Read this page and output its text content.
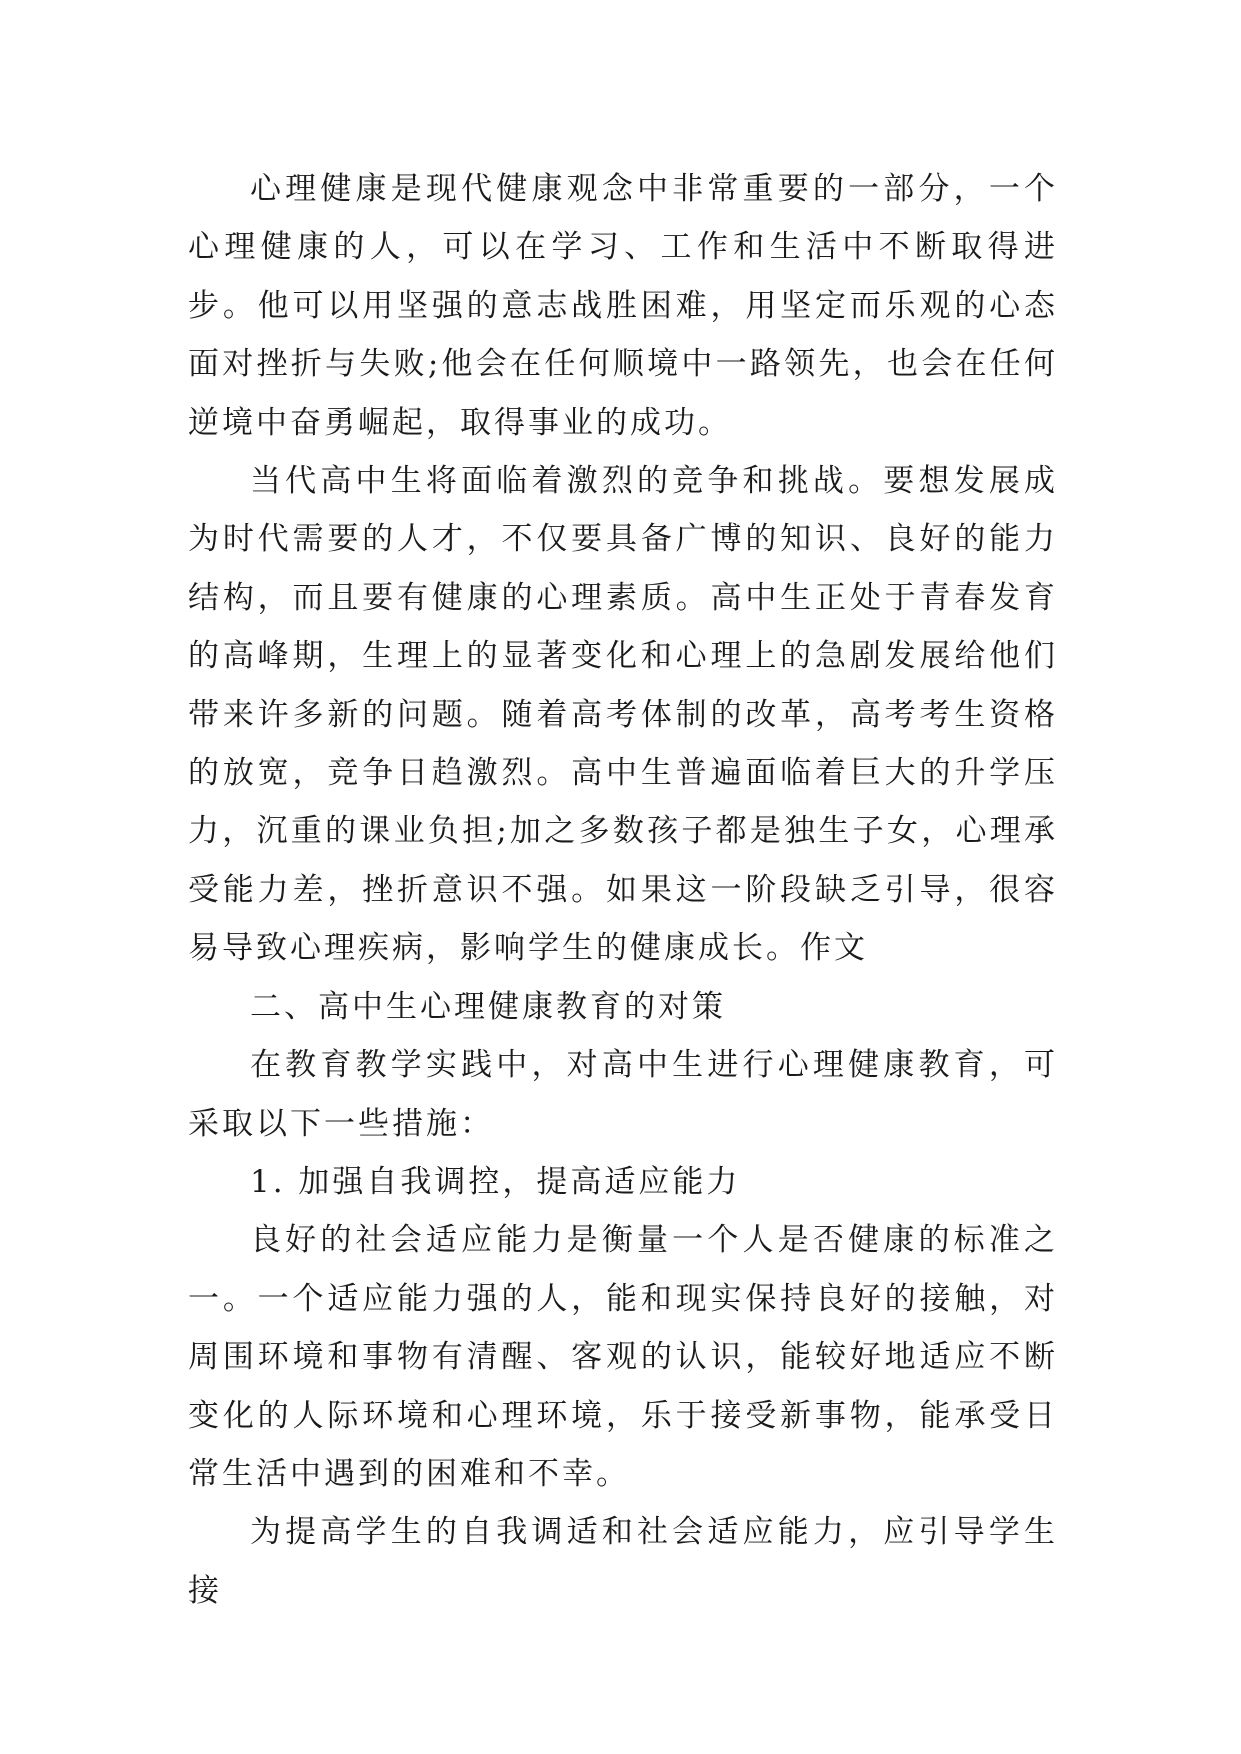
心理健康是现代健康观念中非常重要的一部分，一个心理健康的人，可以在学习、工作和生活中不断取得进步。他可以用坚强的意志战胜困难，用坚定而乐观的心态面对挫折与失败;他会在任何顺境中一路领先，也会在任何逆境中奋勇崛起，取得事业的成功。

当代高中生将面临着激烈的竞争和挑战。要想发展成为时代需要的人才，不仅要具备广博的知识、良好的能力结构，而且要有健康的心理素质。高中生正处于青春发育的高峰期，生理上的显著变化和心理上的急剧发展给他们带来许多新的问题。随着高考体制的改革，高考考生资格的放宽，竞争日趋激烈。高中生普遍面临着巨大的升学压力，沉重的课业负担;加之多数孩子都是独生子女，心理承受能力差，挫折意识不强。如果这一阶段缺乏引导，很容易导致心理疾病，影响学生的健康成长。作文

二、高中生心理健康教育的对策

在教育教学实践中，对高中生进行心理健康教育，可采取以下一些措施：

1. 加强自我调控，提高适应能力

良好的社会适应能力是衡量一个人是否健康的标准之一。一个适应能力强的人，能和现实保持良好的接触，对周围环境和事物有清醒、客观的认识，能较好地适应不断变化的人际环境和心理环境，乐于接受新事物，能承受日常生活中遇到的困难和不幸。

为提高学生的自我调适和社会适应能力，应引导学生接
